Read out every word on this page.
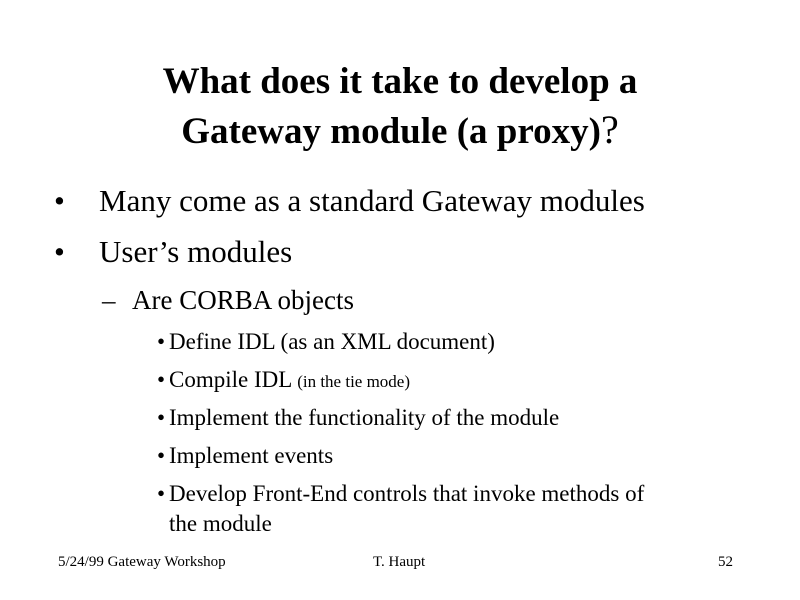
What does it take to develop a
Gateway module (a proxy)?
• Many come as a standard Gateway modules
• User’s modules
– Are CORBA objects
• Define IDL (as an XML document)
• Compile IDL (in the tie mode)
• Implement the functionality of the module
• Implement events
• Develop Front-End controls that invoke methods of
the module
5/24/99 Gateway Workshop	T. Haupt	52
